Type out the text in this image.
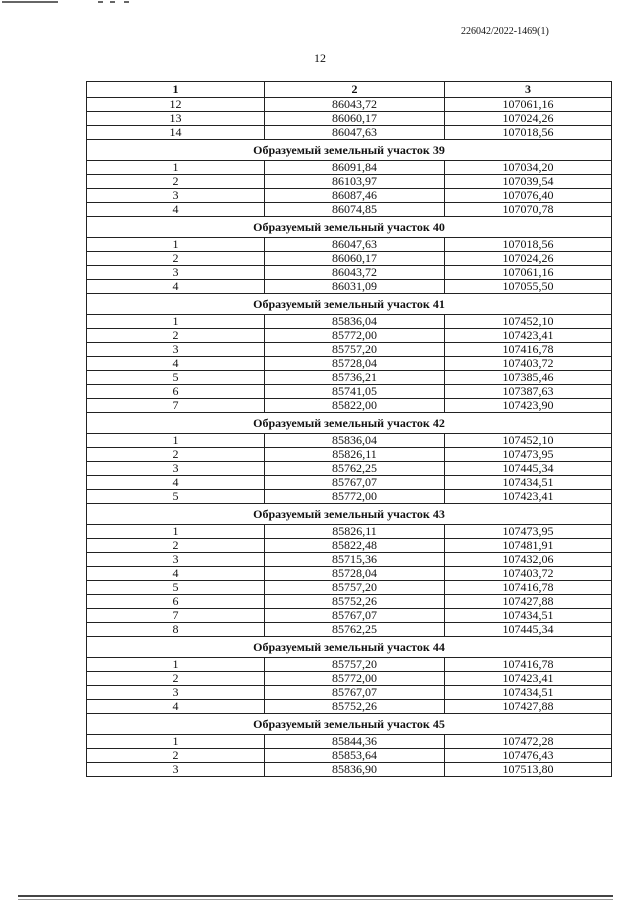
226042/2022-1469(1)
12
1	2	3
12	86043,72	107061,16
13	86060,17	107024,26
14	86047,63	107018,56
Образуемый земельный участок 39		
1	86091,84	107034,20
2	86103,97	107039,54
3	86087,46	107076,40
4	86074,85	107070,78
Образуемый земельный участок 40		
1	86047,63	107018,56
2	86060,17	107024,26
3	86043,72	107061,16
4	86031,09	107055,50
Образуемый земельный участок 41		
1	85836,04	107452,10
2	85772,00	107423,41
3	85757,20	107416,78
4	85728,04	107403,72
5	85736,21	107385,46
6	85741,05	107387,63
7	85822,00	107423,90
Образуемый земельный участок 42		
1	85836,04	107452,10
2	85826,11	107473,95
3	85762,25	107445,34
4	85767,07	107434,51
5	85772,00	107423,41
Образуемый земельный участок 43		
1	85826,11	107473,95
2	85822,48	107481,91
3	85715,36	107432,06
4	85728,04	107403,72
5	85757,20	107416,78
6	85752,26	107427,88
7	85767,07	107434,51
8	85762,25	107445,34
Образуемый земельный участок 44		
1	85757,20	107416,78
2	85772,00	107423,41
3	85767,07	107434,51
4	85752,26	107427,88
Образуемый земельный участок 45		
1	85844,36	107472,28
2	85853,64	107476,43
3	85836,90	107513,80
